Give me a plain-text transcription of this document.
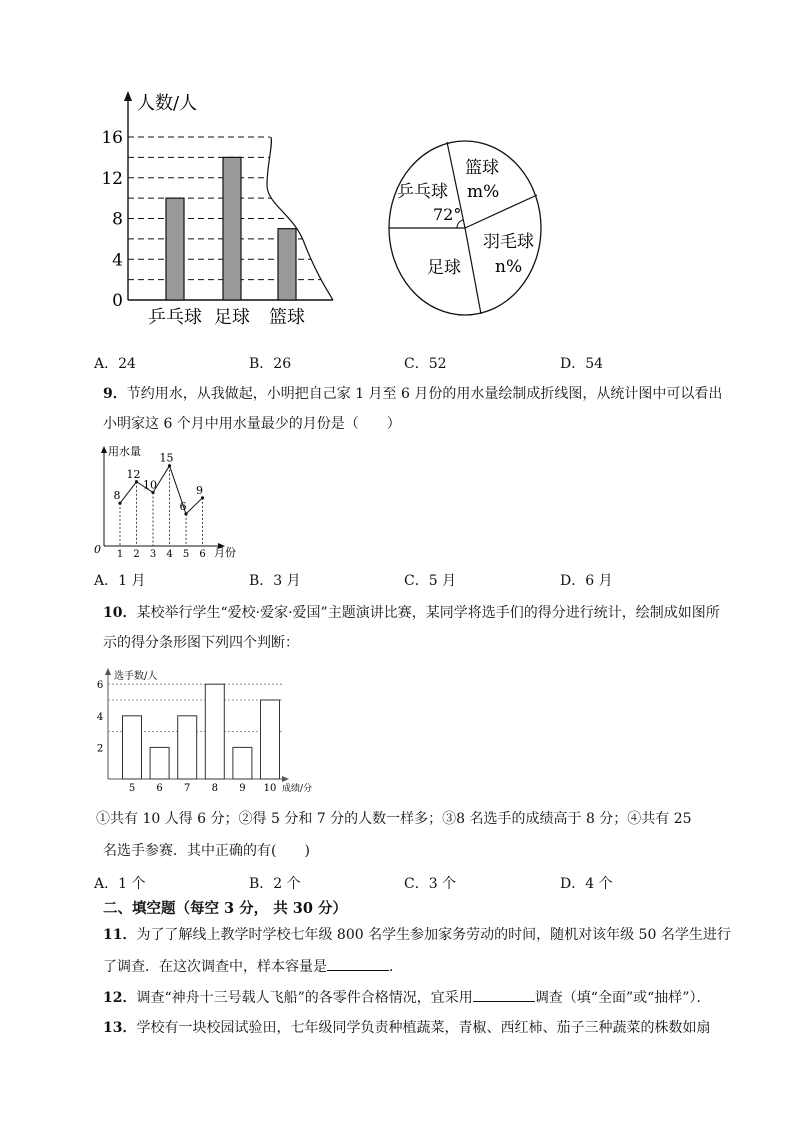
人数/人
0
4
8
12
16
乒乓球 足球 篮球
乒乓球
72°
篮球
m%
羽毛球
n%
足球
A．24	B．26	C．52	D．54
9．节约用水，从我做起，小明把自己家 1 月至 6 月份的用水量绘制成折线图，从统计图中可以看出
小明家这 6 个月中用水量最少的月份是（　　）
用水量
月份
0 1 2 3 4 5 6
8
12
10
15
6
9
A．1 月	B．3 月	C．5 月	D．6 月
10．某校举行学生“爱校·爱家·爱国”主题演讲比赛，某同学将选手们的得分进行统计，绘制成如图所
示的得分条形图下列四个判断：
选手数/人
成绩/分
2
4
6
5 6 7 8 9 10
①共有 10 人得 6 分；②得 5 分和 7 分的人数一样多；③8 名选手的成绩高于 8 分；④共有 25
名选手参赛．其中正确的有(　　)
A．1 个	B．2 个	C．3 个	D．4 个
二、填空题（每空 3 分， 共 30 分）
11．为了了解线上教学时学校七年级 800 名学生参加家务劳动的时间，随机对该年级 50 名学生进行
了调查．在这次调查中，样本容量是	．
12．调查“神舟十三号载人飞船”的各零件合格情况，宜采用	调查（填“全面”或“抽样”）．
13．学校有一块校园试验田，七年级同学负责种植蔬菜，青椒、西红柿、茄子三种蔬菜的株数如扇
